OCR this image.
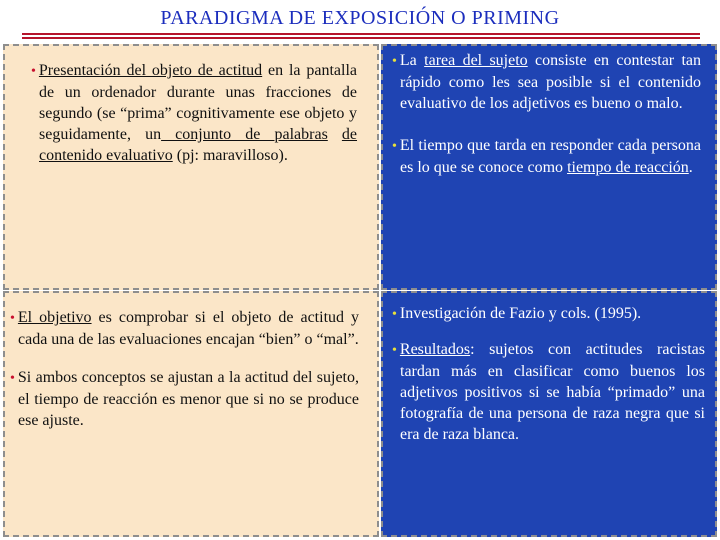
PARADIGMA DE EXPOSICIÓN O PRIMING

• Presentación del objeto de actitud en la pantalla de un ordenador durante unas fracciones de segundo (se “prima” cognitivamente ese objeto y seguidamente, un conjunto de palabras de contenido evaluativo (pj: maravilloso).

• La tarea del sujeto consiste en contestar tan rápido como les sea posible si el contenido evaluativo de los adjetivos es bueno o malo.

• El tiempo que tarda en responder cada persona es lo que se conoce como tiempo de reacción.

• El objetivo es comprobar si el objeto de actitud y cada una de las evaluaciones encajan “bien” o “mal”.

• Si ambos conceptos se ajustan a la actitud del sujeto, el tiempo de reacción es menor que si no se produce ese ajuste.

• Investigación de Fazio y cols. (1995).

• Resultados: sujetos con actitudes racistas tardan más en clasificar como buenos los adjetivos positivos si se había “primado” una fotografía de una persona de raza negra que si era de raza blanca.
